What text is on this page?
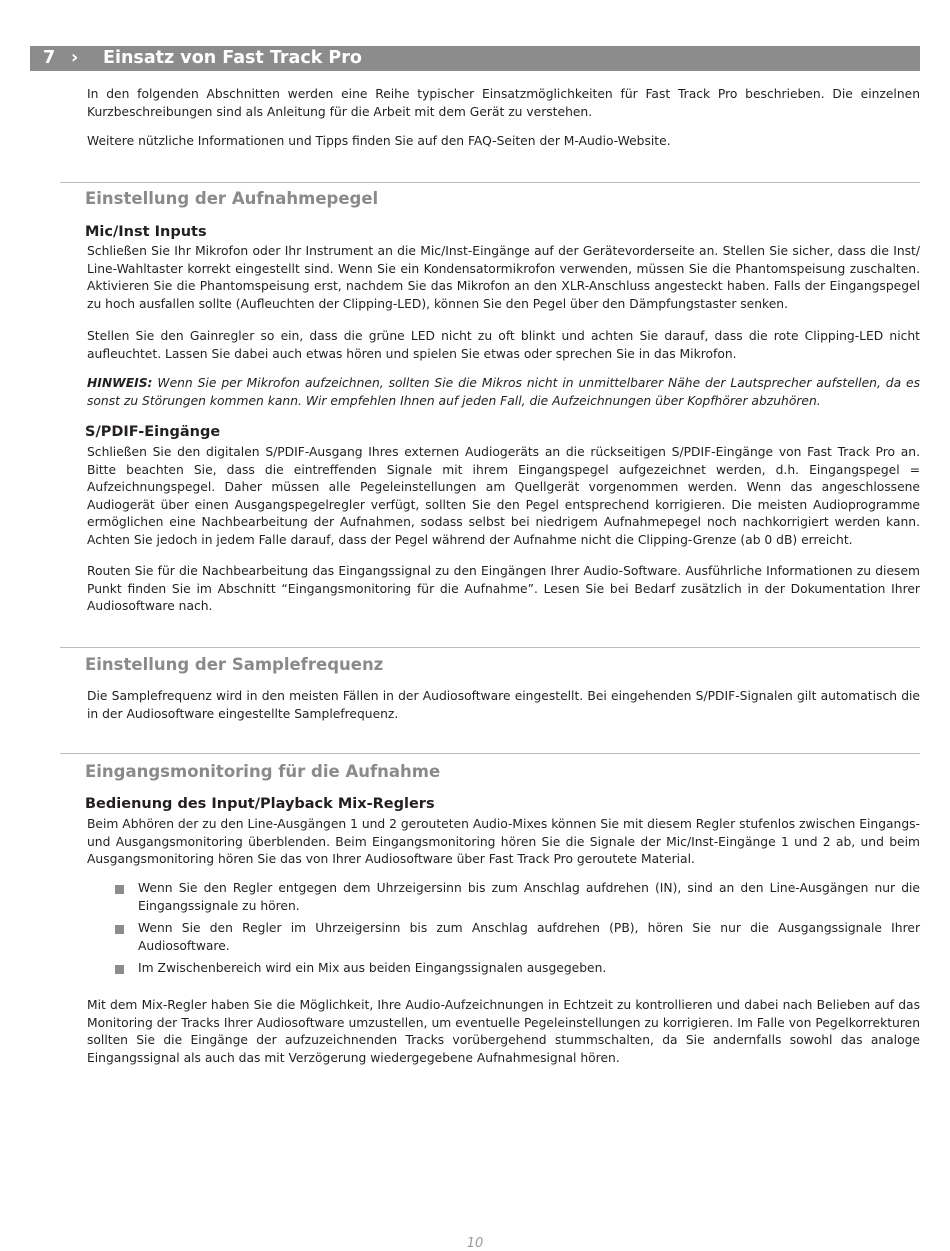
7 › Einsatz von Fast Track Pro

In den folgenden Abschnitten werden eine Reihe typischer Einsatzmöglichkeiten für Fast Track Pro beschrieben. Die einzelnen Kurzbeschreibungen sind als Anleitung für die Arbeit mit dem Gerät zu verstehen.

Weitere nützliche Informationen und Tipps finden Sie auf den FAQ-Seiten der M-Audio-Website.

Einstellung der Aufnahmepegel
Mic/Inst Inputs

Schließen Sie Ihr Mikrofon oder Ihr Instrument an die Mic/Inst-Eingänge auf der Gerätevorderseite an. Stellen Sie sicher, dass die Inst/ Line-Wahltaster korrekt eingestellt sind. Wenn Sie ein Kondensatormikrofon verwenden, müssen Sie die Phantomspeisung zuschalten. Aktivieren Sie die Phantomspeisung erst, nachdem Sie das Mikrofon an den XLR-Anschluss angesteckt haben. Falls der Eingangspegel zu hoch ausfallen sollte (Aufleuchten der Clipping-LED), können Sie den Pegel über den Dämpfungstaster senken.

Stellen Sie den Gainregler so ein, dass die grüne LED nicht zu oft blinkt und achten Sie darauf, dass die rote Clipping-LED nicht aufleuchtet. Lassen Sie dabei auch etwas hören und spielen Sie etwas oder sprechen Sie in das Mikrofon.

HINWEIS: Wenn Sie per Mikrofon aufzeichnen, sollten Sie die Mikros nicht in unmittelbarer Nähe der Lautsprecher aufstellen, da es sonst zu Störungen kommen kann. Wir empfehlen Ihnen auf jeden Fall, die Aufzeichnungen über Kopfhörer abzuhören.

S/PDIF-Eingänge

Schließen Sie den digitalen S/PDIF-Ausgang Ihres externen Audiogeräts an die rückseitigen S/PDIF-Eingänge von Fast Track Pro an. Bitte beachten Sie, dass die eintreffenden Signale mit ihrem Eingangspegel aufgezeichnet werden, d.h. Eingangspegel = Aufzeichnungspegel. Daher müssen alle Pegeleinstellungen am Quellgerät vorgenommen werden. Wenn das angeschlossene Audiogerät über einen Ausgangspegelregler verfügt, sollten Sie den Pegel entsprechend korrigieren. Die meisten Audioprogramme ermöglichen eine Nachbearbeitung der Aufnahmen, sodass selbst bei niedrigem Aufnahmepegel noch nachkorrigiert werden kann. Achten Sie jedoch in jedem Falle darauf, dass der Pegel während der Aufnahme nicht die Clipping-Grenze (ab 0 dB) erreicht.

Routen Sie für die Nachbearbeitung das Eingangssignal zu den Eingängen Ihrer Audio-Software. Ausführliche Informationen zu diesem Punkt finden Sie im Abschnitt “Eingangsmonitoring für die Aufnahme”. Lesen Sie bei Bedarf zusätzlich in der Dokumentation Ihrer Audiosoftware nach.

Einstellung der Samplefrequenz

Die Samplefrequenz wird in den meisten Fällen in der Audiosoftware eingestellt. Bei eingehenden S/PDIF-Signalen gilt automatisch die in der Audiosoftware eingestellte Samplefrequenz.

Eingangsmonitoring für die Aufnahme
Bedienung des Input/Playback Mix-Reglers

Beim Abhören der zu den Line-Ausgängen 1 und 2 gerouteten Audio-Mixes können Sie mit diesem Regler stufenlos zwischen Eingangs- und Ausgangsmonitoring überblenden. Beim Eingangsmonitoring hören Sie die Signale der Mic/Inst-Eingänge 1 und 2 ab, und beim Ausgangsmonitoring hören Sie das von Ihrer Audiosoftware über Fast Track Pro geroutete Material.

Wenn Sie den Regler entgegen dem Uhrzeigersinn bis zum Anschlag aufdrehen (IN), sind an den Line-Ausgängen nur die Eingangssignale zu hören.
Wenn Sie den Regler im Uhrzeigersinn bis zum Anschlag aufdrehen (PB), hören Sie nur die Ausgangssignale Ihrer Audiosoftware.
Im Zwischenbereich wird ein Mix aus beiden Eingangssignalen ausgegeben.

Mit dem Mix-Regler haben Sie die Möglichkeit, Ihre Audio-Aufzeichnungen in Echtzeit zu kontrollieren und dabei nach Belieben auf das Monitoring der Tracks Ihrer Audiosoftware umzustellen, um eventuelle Pegeleinstellungen zu korrigieren. Im Falle von Pegelkorrekturen sollten Sie die Eingänge der aufzuzeichnenden Tracks vorübergehend stummschalten, da Sie andernfalls sowohl das analoge Eingangssignal als auch das mit Verzögerung wiedergegebene Aufnahmesignal hören.

10
